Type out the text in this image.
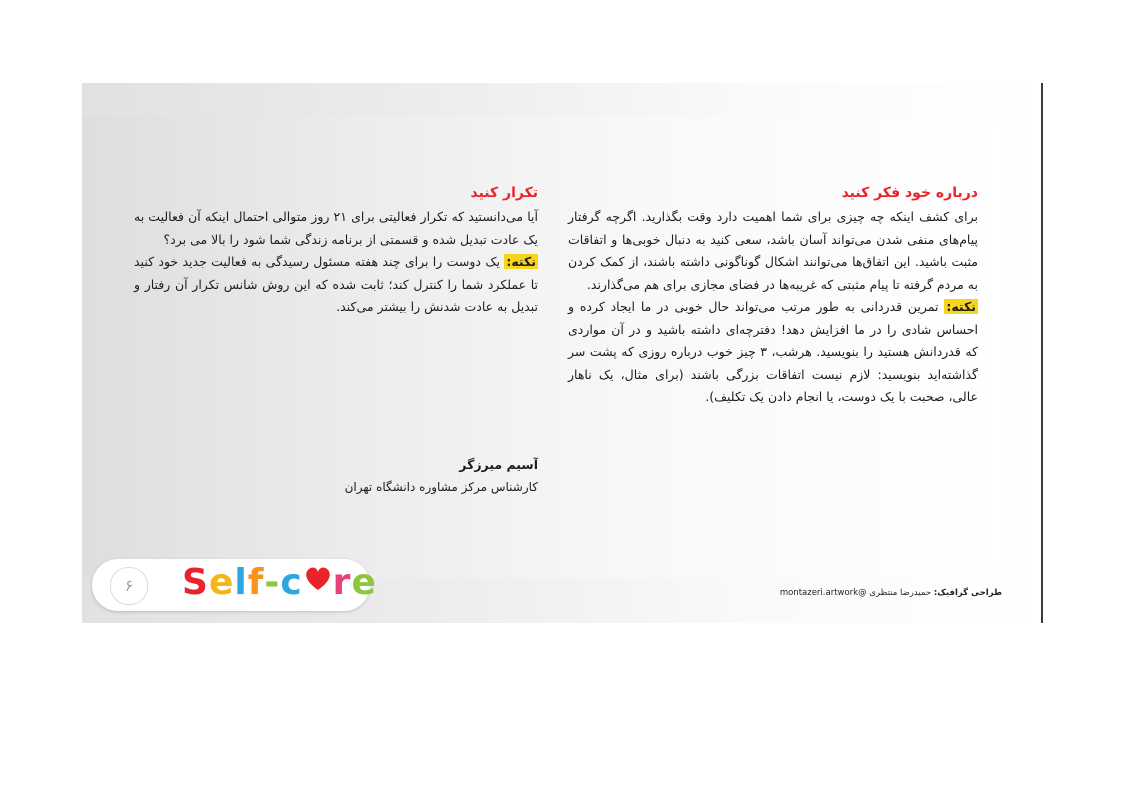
درباره خود فکر کنید

برای کشف اینکه چه چیزی برای شما اهمیت دارد وقت بگذارید. اگرچه گرفتار پیام‌های منفی شدن می‌تواند آسان باشد، سعی کنید به دنبال خوبی‌ها و اتفاقات مثبت باشید. این اتفاق‌ها می‌توانند اشکال گوناگونی داشته باشند، از کمک کردن به مردم گرفته تا پیام مثبتی که غریبه‌ها در فضای مجازی برای هم می‌گذارند.

نکته: تمرین قدردانی به طور مرتب می‌تواند حال خوبی در ما ایجاد کرده و احساس شادی را در ما افزایش دهد! دفترچه‌ای داشته باشید و در آن مواردی که قدردانش هستید را بنویسید. هرشب، ۳ چیز خوب درباره روزی که پشت سر گذاشته‌اید بنویسید: لازم نیست اتفاقات بزرگی باشند (برای مثال، یک ناهار عالی، صحبت با یک دوست، یا انجام دادن یک تکلیف).

تکرار کنید

آیا می‌دانستید که تکرار فعالیتی برای ۲۱ روز متوالی احتمال اینکه آن فعالیت به یک عادت تبدیل شده و قسمتی از برنامه زندگی شما شود را بالا می برد؟

نکته: یک دوست را برای چند هفته مسئول رسیدگی به فعالیت جدید خود کنید تا عملکرد شما را کنترل کند؛ ثابت شده که این روش شانس تکرار آن رفتار و تبدیل به عادت شدنش را بیشتر می‌کند.

آسیم میرزگر
کارشناس مرکز مشاوره دانشگاه تهران
۶	Self-c re	طراحی گرافیک: حمیدرضا منتظری @montazeri.artwork
